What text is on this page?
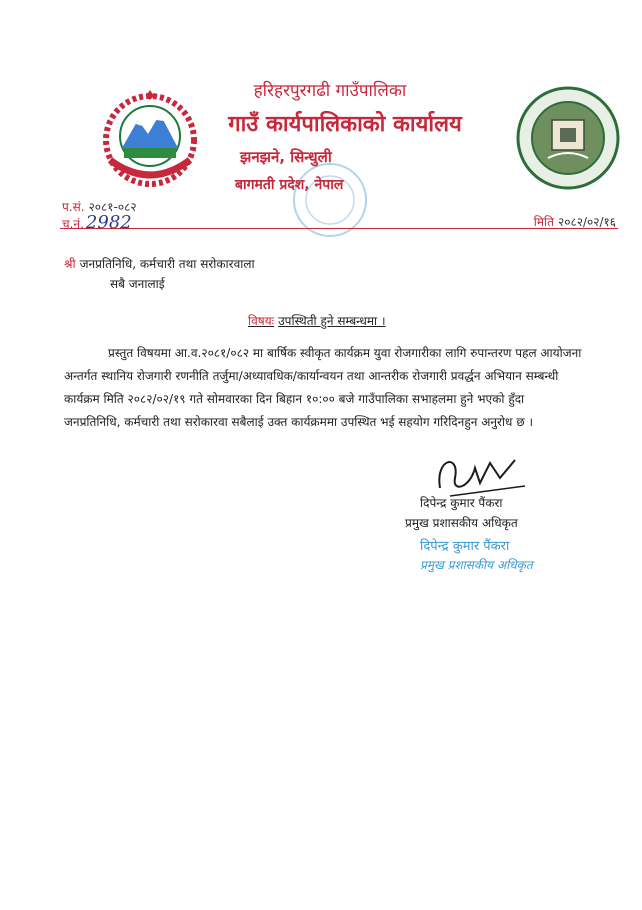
हरिहरपुरगढी गाउँपालिका
गाउँ कार्यपालिकाको कार्यालय
झनझने, सिन्धुली
बागमती प्रदेश, नेपाल
प.सं. २०८१-०८२
च.नं. 2982	मिति २०८२/०२/१६
श्री जनप्रतिनिधि, कर्मचारी तथा सरोकारवाला
सबै जनालाई
विषयः उपस्थिती हुने सम्बन्धमा ।

प्रस्तुत विषयमा आ.व.२०८१/०८२ मा बार्षिक स्वीकृत कार्यक्रम युवा रोजगारीका लागि रुपान्तरण पहल आयोजना अन्तर्गत स्थानिय रोजगारी रणनीति तर्जुमा/अध्यावधिक/कार्यान्वयन तथा आन्तरीक रोजगारी प्रवर्द्धन अभियान सम्बन्धी कार्यक्रम मिति २०८२/०२/१९ गते सोमवारका दिन बिहान १०:०० बजे गाउँपालिका सभाहलमा हुने भएको हुँदा जनप्रतिनिधि, कर्मचारी तथा सरोकारवा सबैलाई उक्त कार्यक्रममा उपस्थित भई सहयोग गरिदिनहुन अनुरोध छ ।

दिपेन्द्र कुमार पैंकरा
प्रमुख प्रशासकीय अधिकृत
दिपेन्द्र कुमार पैंकरा
प्रमुख प्रशासकीय अधिकृत
